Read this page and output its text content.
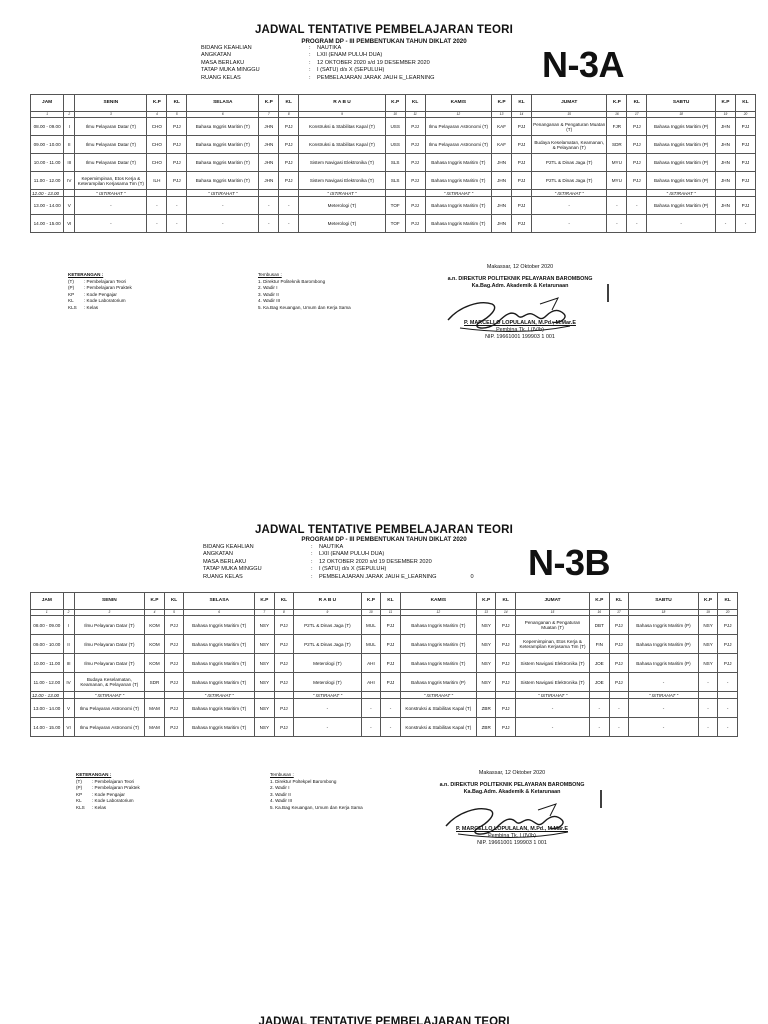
JADWAL TENTATIVE PEMBELAJARAN TEORI
PROGRAM DP - III PEMBENTUKAN TAHUN DIKLAT 2020
BIDANG KEAHLIAN	:	NAUTIKA
ANGKATAN	:	LXII (ENAM PULUH DUA)
MASA BERLAKU	:	12 OKTOBER 2020 s/d 19 DESEMBER 2020
TATAP MUKA MINGGU	:	I (SATU) d/s X (SEPULUH)
RUANG KELAS	:	PEMBELAJARAN JARAK JAUH E_LEARNING	N-3A
JAM		SENIN	K.P	KL	SELASA	K.P	KL	R A B U	K.P	KL	KAMIS	K.P	KL	JUMAT	K.P	KL	SABTU	K.P	KL
1	2	3	4	5	6	7	8	9	10	11	12	13	14	15	16	17	18	19	20
08.00 - 09.00	I	Ilmu Pelayaran Datar (T)	CHO	PJJ	Bahasa Inggris Maritim (T)	JHN	PJJ	Konstruksi & Stabilitas Kapal (T)	USS	PJJ	Ilmu Pelayaran Astronomi (T)	KAF	PJJ	Penanganan & Pengaturan Muatan (T)	FJR	PJJ	Bahasa Inggris Maritim (P)	JHN	PJJ
09.00 - 10.00	II	Ilmu Pelayaran Datar (T)	CHO	PJJ	Bahasa Inggris Maritim (T)	JHN	PJJ	Konstruksi & Stabilitas Kapal (T)	USS	PJJ	Ilmu Pelayaran Astronomi (T)	KAF	PJJ	Budaya Keselamatan, Keamanan, & Pelayanan (T)	SDR	PJJ	Bahasa Inggris Maritim (P)	JHN	PJJ
10.00 - 11.00	III	Ilmu Pelayaran Datar (T)	CHO	PJJ	Bahasa Inggris Maritim (T)	JHN	PJJ	Sistem Navigasi Elektronika (T)	SLS	PJJ	Bahasa Inggris Maritim (T)	JHN	PJJ	P2TL & Dinas Jaga (T)	MYU	PJJ	Bahasa Inggris Maritim (P)	JHN	PJJ
11.00 - 12.00	IV	Kepemimpinan, Etos Kerja & Keterampilan Kerjasama Tim (T)	ILH	PJJ	Bahasa Inggris Maritim (T)	JHN	PJJ	Sistem Navigasi Elektronika (T)	SLS	PJJ	Bahasa Inggris Maritim (T)	JHN	PJJ	P2TL & Dinas Jaga (T)	MYU	PJJ	Bahasa Inggris Maritim (P)	JHN	PJJ
12.00 - 13.00		" ISTIRAHAT "			" ISTIRAHAT "			" ISTIRAHAT "			" ISTIRAHAT "			" ISTIRAHAT "			" ISTIRAHAT "		
13.00 - 14.00	V	-	-	-	-	-	-	Meterologi (T)	TOF	PJJ	Bahasa Inggris Maritim (T)	JHN	PJJ	-	-	-	Bahasa Inggris Maritim (P)	JHN	PJJ
14.00 - 15.00	VI	-	-	-	-	-	-	Meterologi (T)	TOF	PJJ	Bahasa Inggris Maritim (T)	JHN	PJJ	-	-	-	-	-	-
KETERANGAN :
(T)	: Pembelajaran Teori
(P)	: Pembelajaran Praktek
KP	: Kode Pengajar
KL	: Kode Laboratorium
KLS	: Kelas
Tembusan :
1. Direktur Politeknik Barombong
2. Wadir I
3. Wadir II
4. Wadir III
5. Ka.Bag Keuangan, Umum dan Kerja Sama
Makassar, 12 Oktober 2020
a.n. DIREKTUR POLITEKNIK PELAYARAN BAROMBONG
Ka.Bag.Adm. Akademik & Ketarunaan
P. MARCELLO LOPULALAN, M.Pd., M.Mar.E
Pembina Tk. I (IV/b)
NIP. 19661001 199903 1 001
JADWAL TENTATIVE PEMBELAJARAN TEORI
PROGRAM DP - III PEMBENTUKAN TAHUN DIKLAT 2020
BIDANG KEAHLIAN	:	NAUTIKA
ANGKATAN	:	LXII (ENAM PULUH DUA)
MASA BERLAKU	:	12 OKTOBER 2020 s/d 19 DESEMBER 2020
TATAP MUKA MINGGU	:	I (SATU) d/s X (SEPULUH)
RUANG KELAS	:	PEMBELAJARAN JARAK JAUH E_LEARNING	0 N-3B
JAM		SENIN	K.P	KL	SELASA	K.P	KL	R A B U	K.P	KL	KAMIS	K.P	KL	JUMAT	K.P	KL	SABTU	K.P	KL
1	2	3	4	5	6	7	8	9	10	11	12	13	14	15	16	17	18	19	20
08.00 - 09.00	I	Ilmu Pelayaran Datar (T)	KOM	PJJ	Bahasa Inggris Maritim (T)	NSY	PJJ	P2TL & Dinas Jaga (T)	MUL	PJJ	Bahasa Inggris Maritim (T)	NSY	PJJ	Penanganan & Pengaturan Muatan (T)	DBT	PJJ	Bahasa Inggris Maritim (P)	NSY	PJJ
09.00 - 10.00	II	Ilmu Pelayaran Datar (T)	KOM	PJJ	Bahasa Inggris Maritim (T)	NSY	PJJ	P2TL & Dinas Jaga (T)	MUL	PJJ	Bahasa Inggris Maritim (T)	NSY	PJJ	Kepemimpinan, Etos Kerja & Keterampilan Kerjasama Tim (T)	FIN	PJJ	Bahasa Inggris Maritim (P)	NSY	PJJ
10.00 - 11.00	III	Ilmu Pelayaran Datar (T)	KOM	PJJ	Bahasa Inggris Maritim (T)	NSY	PJJ	Meterologi (T)	AHI	PJJ	Bahasa Inggris Maritim (T)	NSY	PJJ	Sistem Navigasi Elektronika (T)	JOE	PJJ	Bahasa Inggris Maritim (P)	NSY	PJJ
11.00 - 12.00	IV	Budaya Keselamatan, Keamanan, & Pelayanan (T)	SDR	PJJ	Bahasa Inggris Maritim (T)	NSY	PJJ	Meterologi (T)	AHI	PJJ	Bahasa Inggris Maritim (P)	NSY	PJJ	Sistem Navigasi Elektronika (T)	JOE	PJJ	-	-	-
12.00 - 13.00		" ISTIRAHAT "			" ISTIRAHAT "			" ISTIRAHAT "			" ISTIRAHAT "			" ISTIRAHAT "			" ISTIRAHAT "		
13.00 - 14.00	V	Ilmu Pelayaran Astronomi (T)	MAM	PJJ	Bahasa Inggris Maritim (T)	NSY	PJJ	-	-	-	Konstruksi & Stabilitas Kapal (T)	ZBR	PJJ	-	-	-	-	-	-
14.00 - 15.00	VI	Ilmu Pelayaran Astronomi (T)	MAM	PJJ	Bahasa Inggris Maritim (T)	NSY	PJJ	-	-	-	Konstruksi & Stabilitas Kapal (T)	ZBR	PJJ	-	-	-	-	-	-
KETERANGAN :
(T)	: Pembelajaran Teori
(P)	: Pembelajaran Praktek
KP	: Kode Pengajar
KL	: Kode Laboratorium
KLS	: Kelas
Tembusan :
1. Direktur Poltekpel Barombong
2. Wadir I
3. Wadir II
4. Wadir III
5. Ka.Bag Keuangan, Umum dan Kerja Sama
Makassar, 12 Oktober 2020
a.n. DIREKTUR POLITEKNIK PELAYARAN BAROMBONG
Ka.Bag.Adm. Akademik & Ketarunaan
P. MARCELLO LOPULALAN, M.Pd., M.Mar.E
Pembina Tk. I (IV/b)
NIP. 19661001 199903 1 001
JADWAL TENTATIVE PEMBELAJARAN TEORI
